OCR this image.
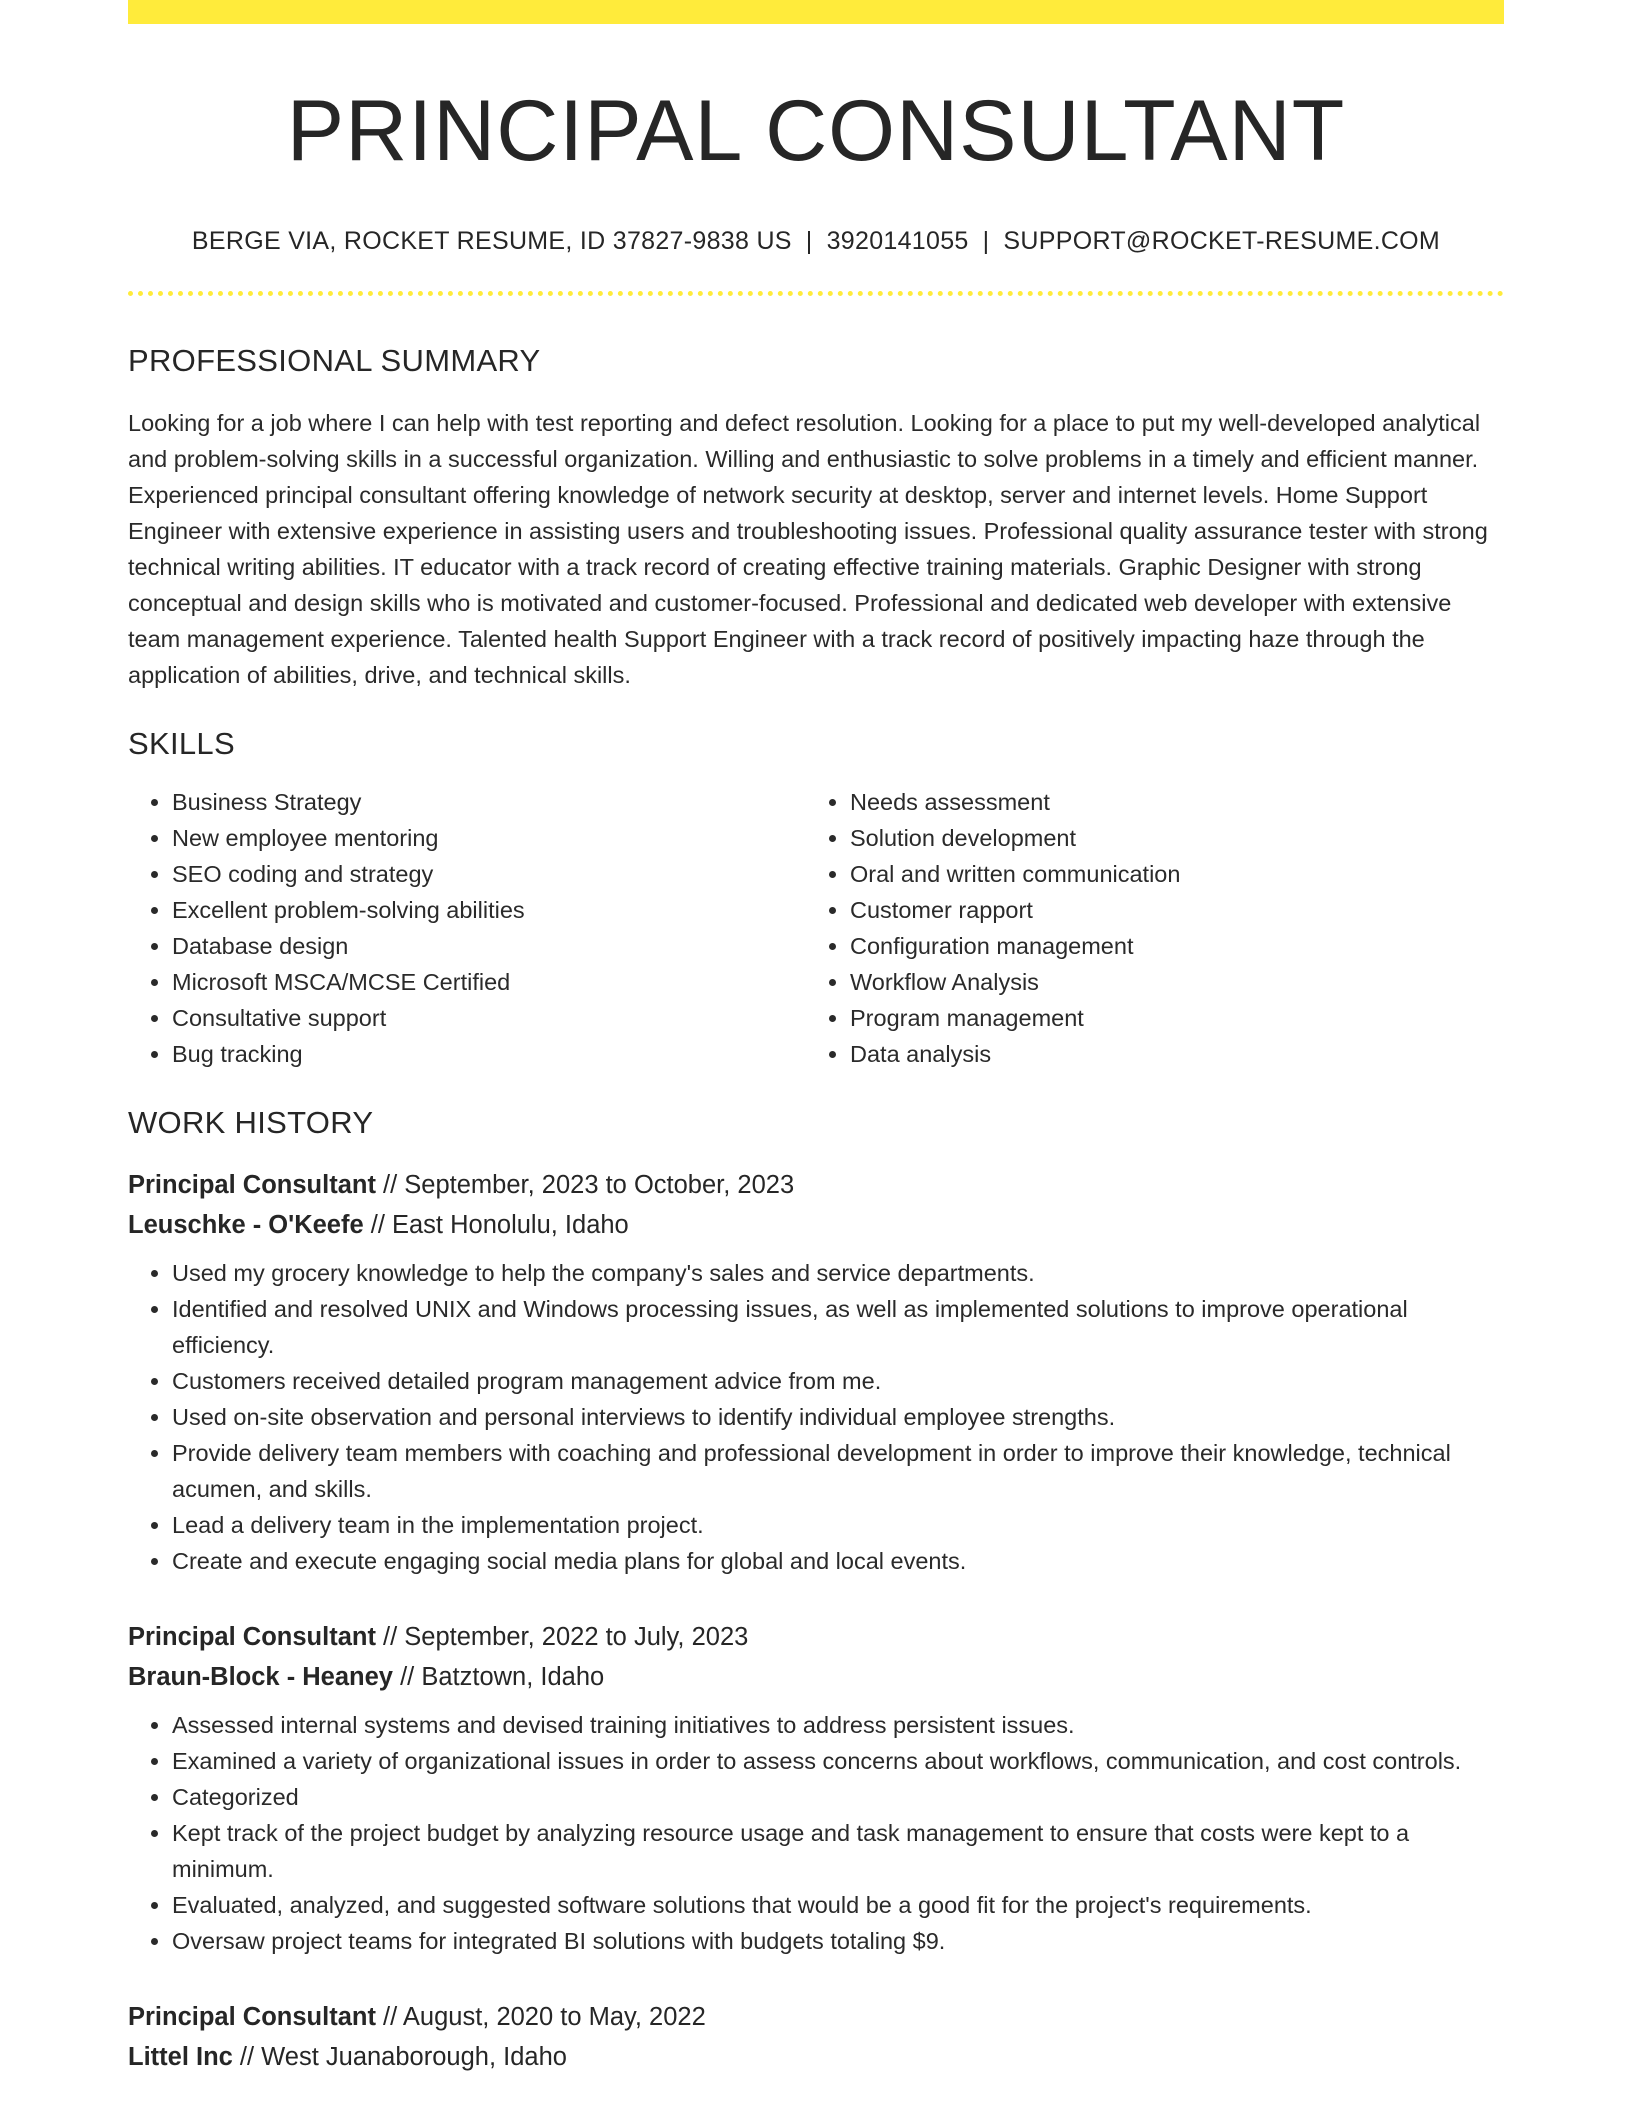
PRINCIPAL CONSULTANT
BERGE VIA, ROCKET RESUME, ID 37827-9838 US | 3920141055 | SUPPORT@ROCKET-RESUME.COM
PROFESSIONAL SUMMARY

Looking for a job where I can help with test reporting and defect resolution. Looking for a place to put my well-developed analytical and problem-solving skills in a successful organization. Willing and enthusiastic to solve problems in a timely and efficient manner. Experienced principal consultant offering knowledge of network security at desktop, server and internet levels. Home Support Engineer with extensive experience in assisting users and troubleshooting issues. Professional quality assurance tester with strong technical writing abilities. IT educator with a track record of creating effective training materials. Graphic Designer with strong conceptual and design skills who is motivated and customer-focused. Professional and dedicated web developer with extensive team management experience. Talented health Support Engineer with a track record of positively impacting haze through the application of abilities, drive, and technical skills.

SKILLS
• Business Strategy
• New employee mentoring
• SEO coding and strategy
• Excellent problem-solving abilities
• Database design
• Microsoft MSCA/MCSE Certified
• Consultative support
• Bug tracking
• Needs assessment
• Solution development
• Oral and written communication
• Customer rapport
• Configuration management
• Workflow Analysis
• Program management
• Data analysis
WORK HISTORY
Principal Consultant // September, 2023 to October, 2023
Leuschke - O'Keefe // East Honolulu, Idaho
• Used my grocery knowledge to help the company's sales and service departments.
• Identified and resolved UNIX and Windows processing issues, as well as implemented solutions to improve operational efficiency.
• Customers received detailed program management advice from me.
• Used on-site observation and personal interviews to identify individual employee strengths.
• Provide delivery team members with coaching and professional development in order to improve their knowledge, technical acumen, and skills.
• Lead a delivery team in the implementation project.
• Create and execute engaging social media plans for global and local events.
Principal Consultant // September, 2022 to July, 2023
Braun-Block - Heaney // Batztown, Idaho
• Assessed internal systems and devised training initiatives to address persistent issues.
• Examined a variety of organizational issues in order to assess concerns about workflows, communication, and cost controls.
• Categorized
• Kept track of the project budget by analyzing resource usage and task management to ensure that costs were kept to a minimum.
• Evaluated, analyzed, and suggested software solutions that would be a good fit for the project's requirements.
• Oversaw project teams for integrated BI solutions with budgets totaling $9.
Principal Consultant // August, 2020 to May, 2022
Littel Inc // West Juanaborough, Idaho
